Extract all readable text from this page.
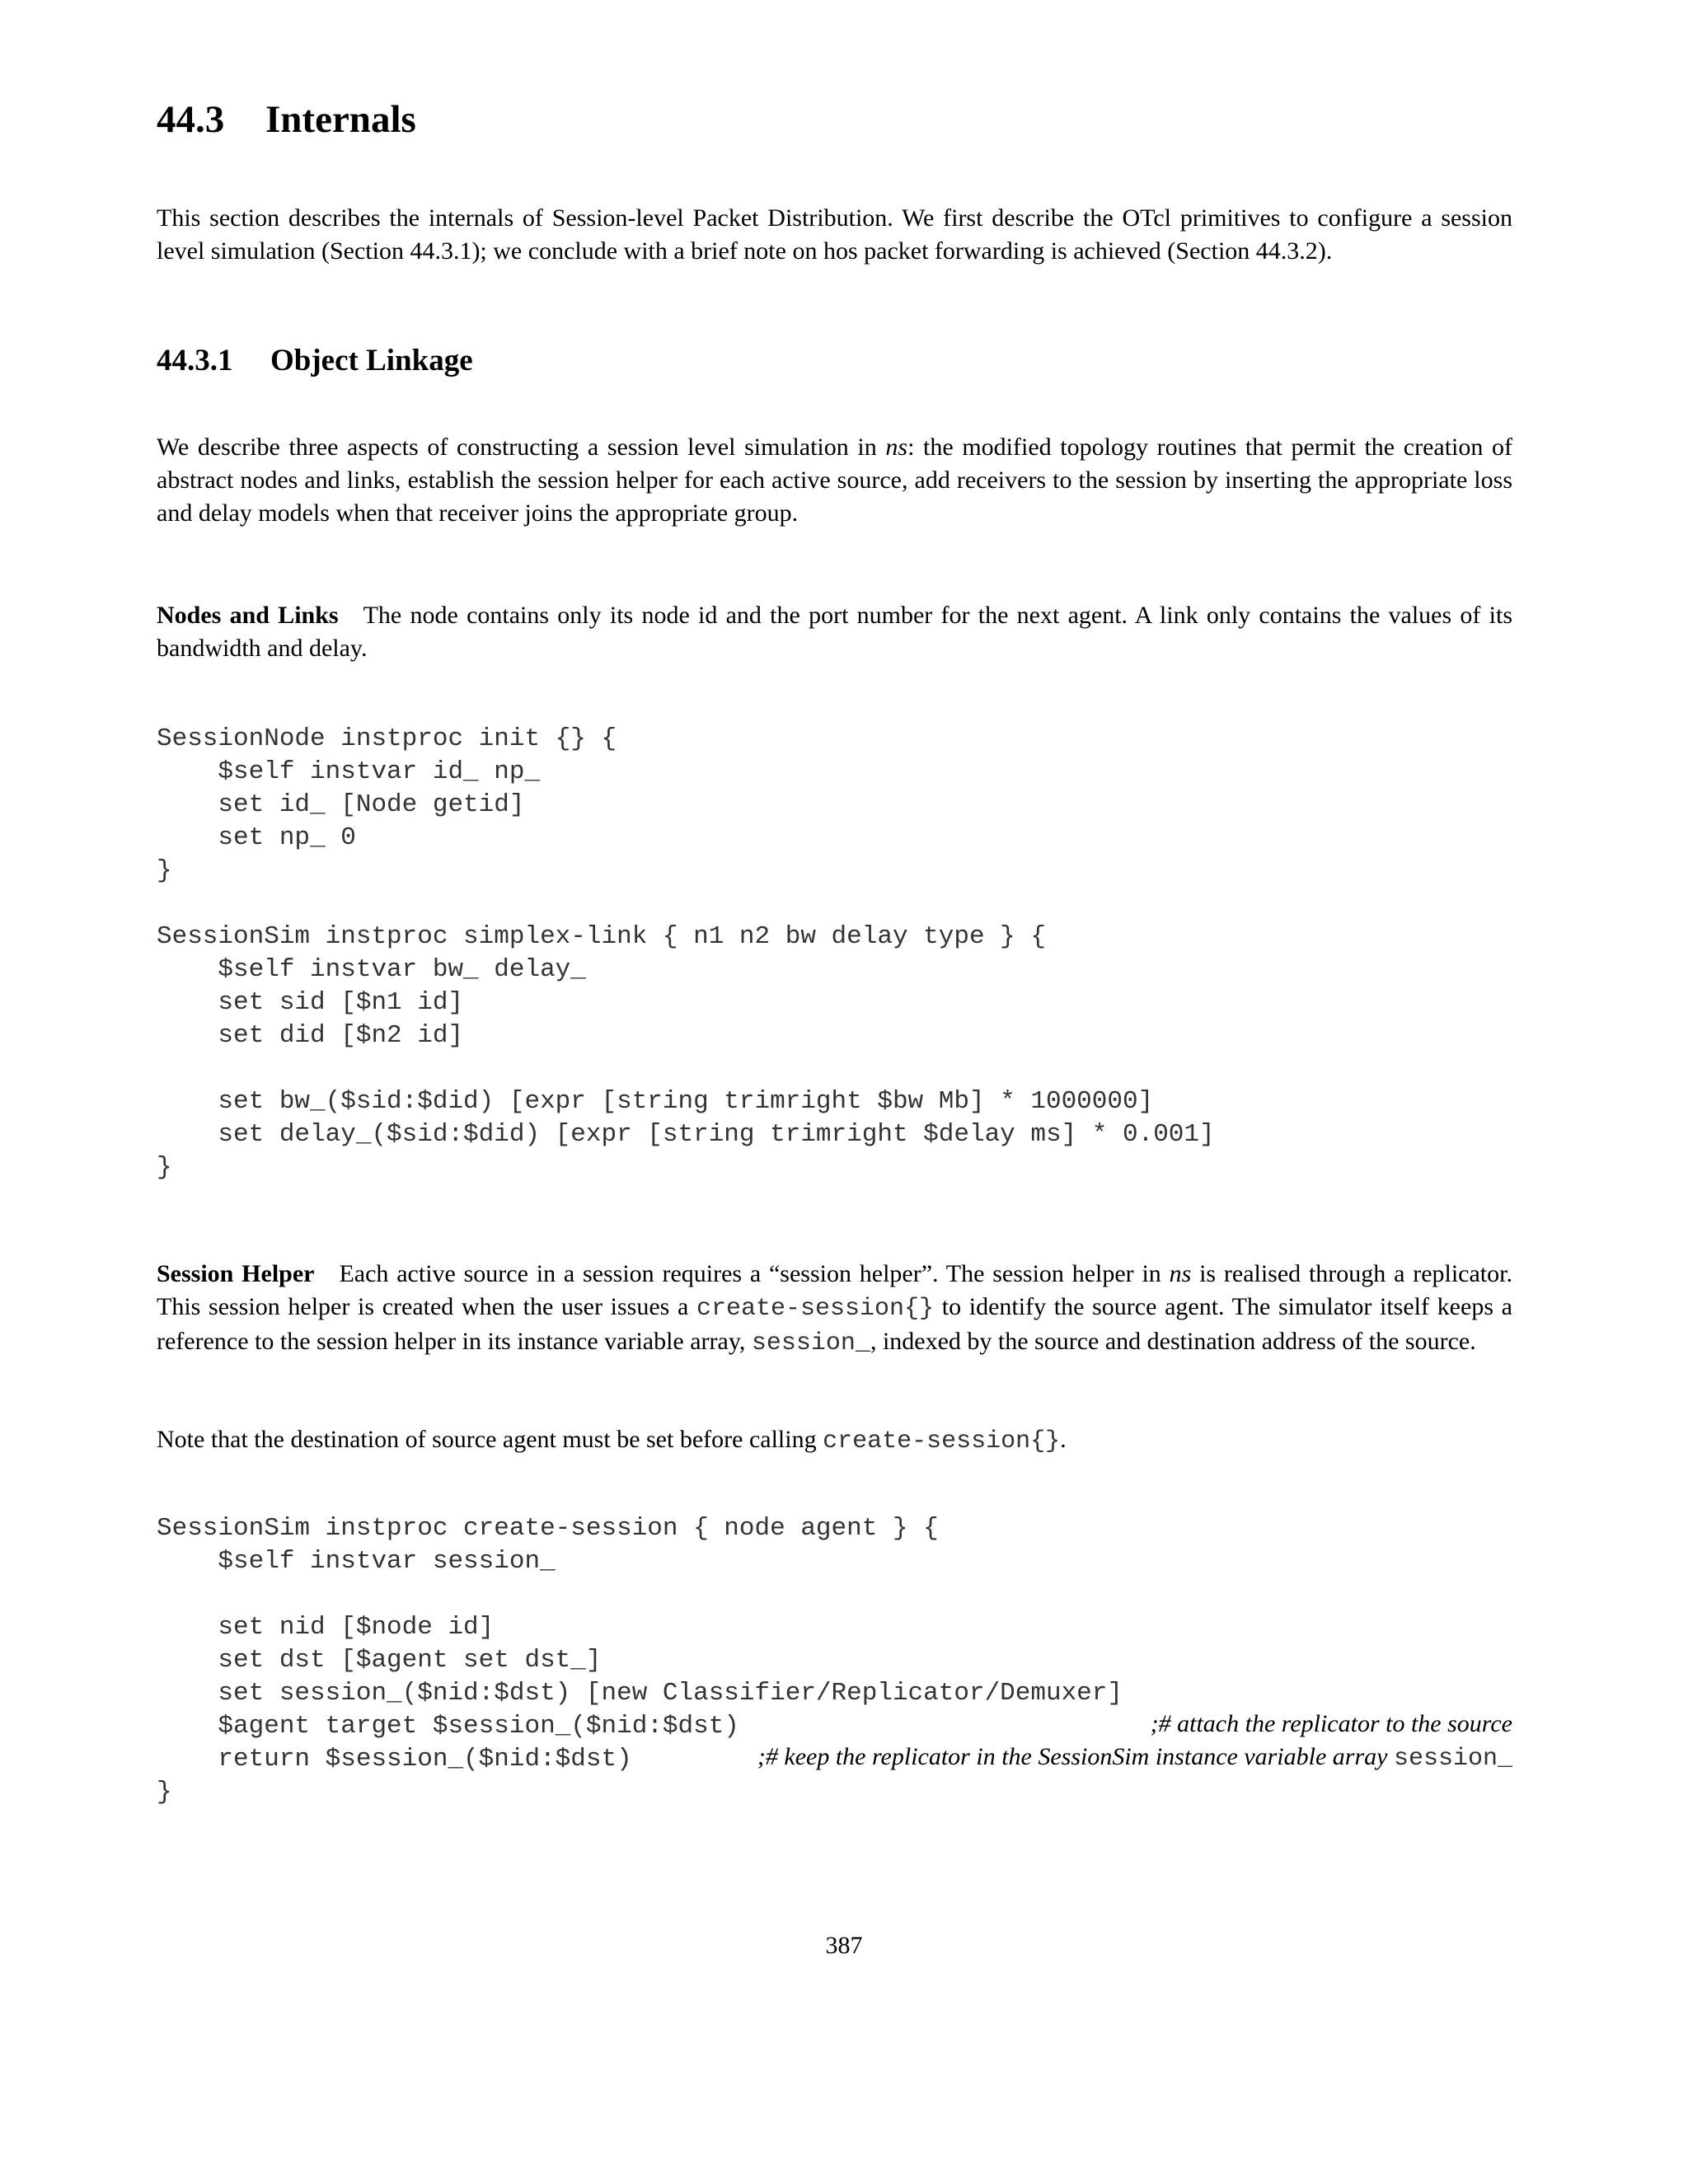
44.3 Internals

This section describes the internals of Session-level Packet Distribution. We first describe the OTcl primitives to configure a session level simulation (Section 44.3.1); we conclude with a brief note on hos packet forwarding is achieved (Section 44.3.2).

44.3.1 Object Linkage

We describe three aspects of constructing a session level simulation in ns: the modified topology routines that permit the creation of abstract nodes and links, establish the session helper for each active source, add receivers to the session by inserting the appropriate loss and delay models when that receiver joins the appropriate group.

Nodes and Links The node contains only its node id and the port number for the next agent. A link only contains the values of its bandwidth and delay.

SessionNode instproc init {} {
$self instvar id_ np_
set id_ [Node getid]
set np_ 0
}
SessionSim instproc simplex-link { n1 n2 bw delay type } {
$self instvar bw_ delay_
set sid [$n1 id]
set did [$n2 id]
set bw_($sid:$did) [expr [string trimright $bw Mb] * 1000000]
set delay_($sid:$did) [expr [string trimright $delay ms] * 0.001]
}

Session Helper Each active source in a session requires a “session helper”. The session helper in ns is realised through a replicator. This session helper is created when the user issues a create-session{} to identify the source agent. The simulator itself keeps a reference to the session helper in its instance variable array, session_, indexed by the source and destination address of the source.

Note that the destination of source agent must be set before calling create-session{}.

SessionSim instproc create-session { node agent } {
$self instvar session_
set nid [$node id]
set dst [$agent set dst_]
set session_($nid:$dst) [new Classifier/Replicator/Demuxer]
$agent target $session_($nid:$dst)
return $session_($nid:$dst)
}
;# attach the replicator to the source
;# keep the replicator in the SessionSim instance variable array session_
387
